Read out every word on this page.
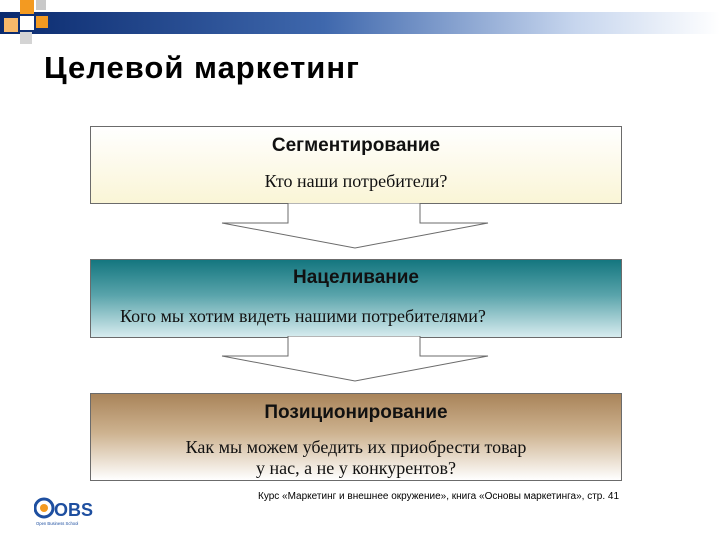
Целевой маркетинг
Сегментирование
Кто наши потребители?
Нацеливание
Кого мы хотим видеть нашими потребителями?
Позиционирование
Как мы можем убедить их приобрести товар
у нас, а не у конкурентов?
OBS
Open Business School
Курс «Маркетинг и внешнее окружение», книга «Основы маркетинга», стр. 41
